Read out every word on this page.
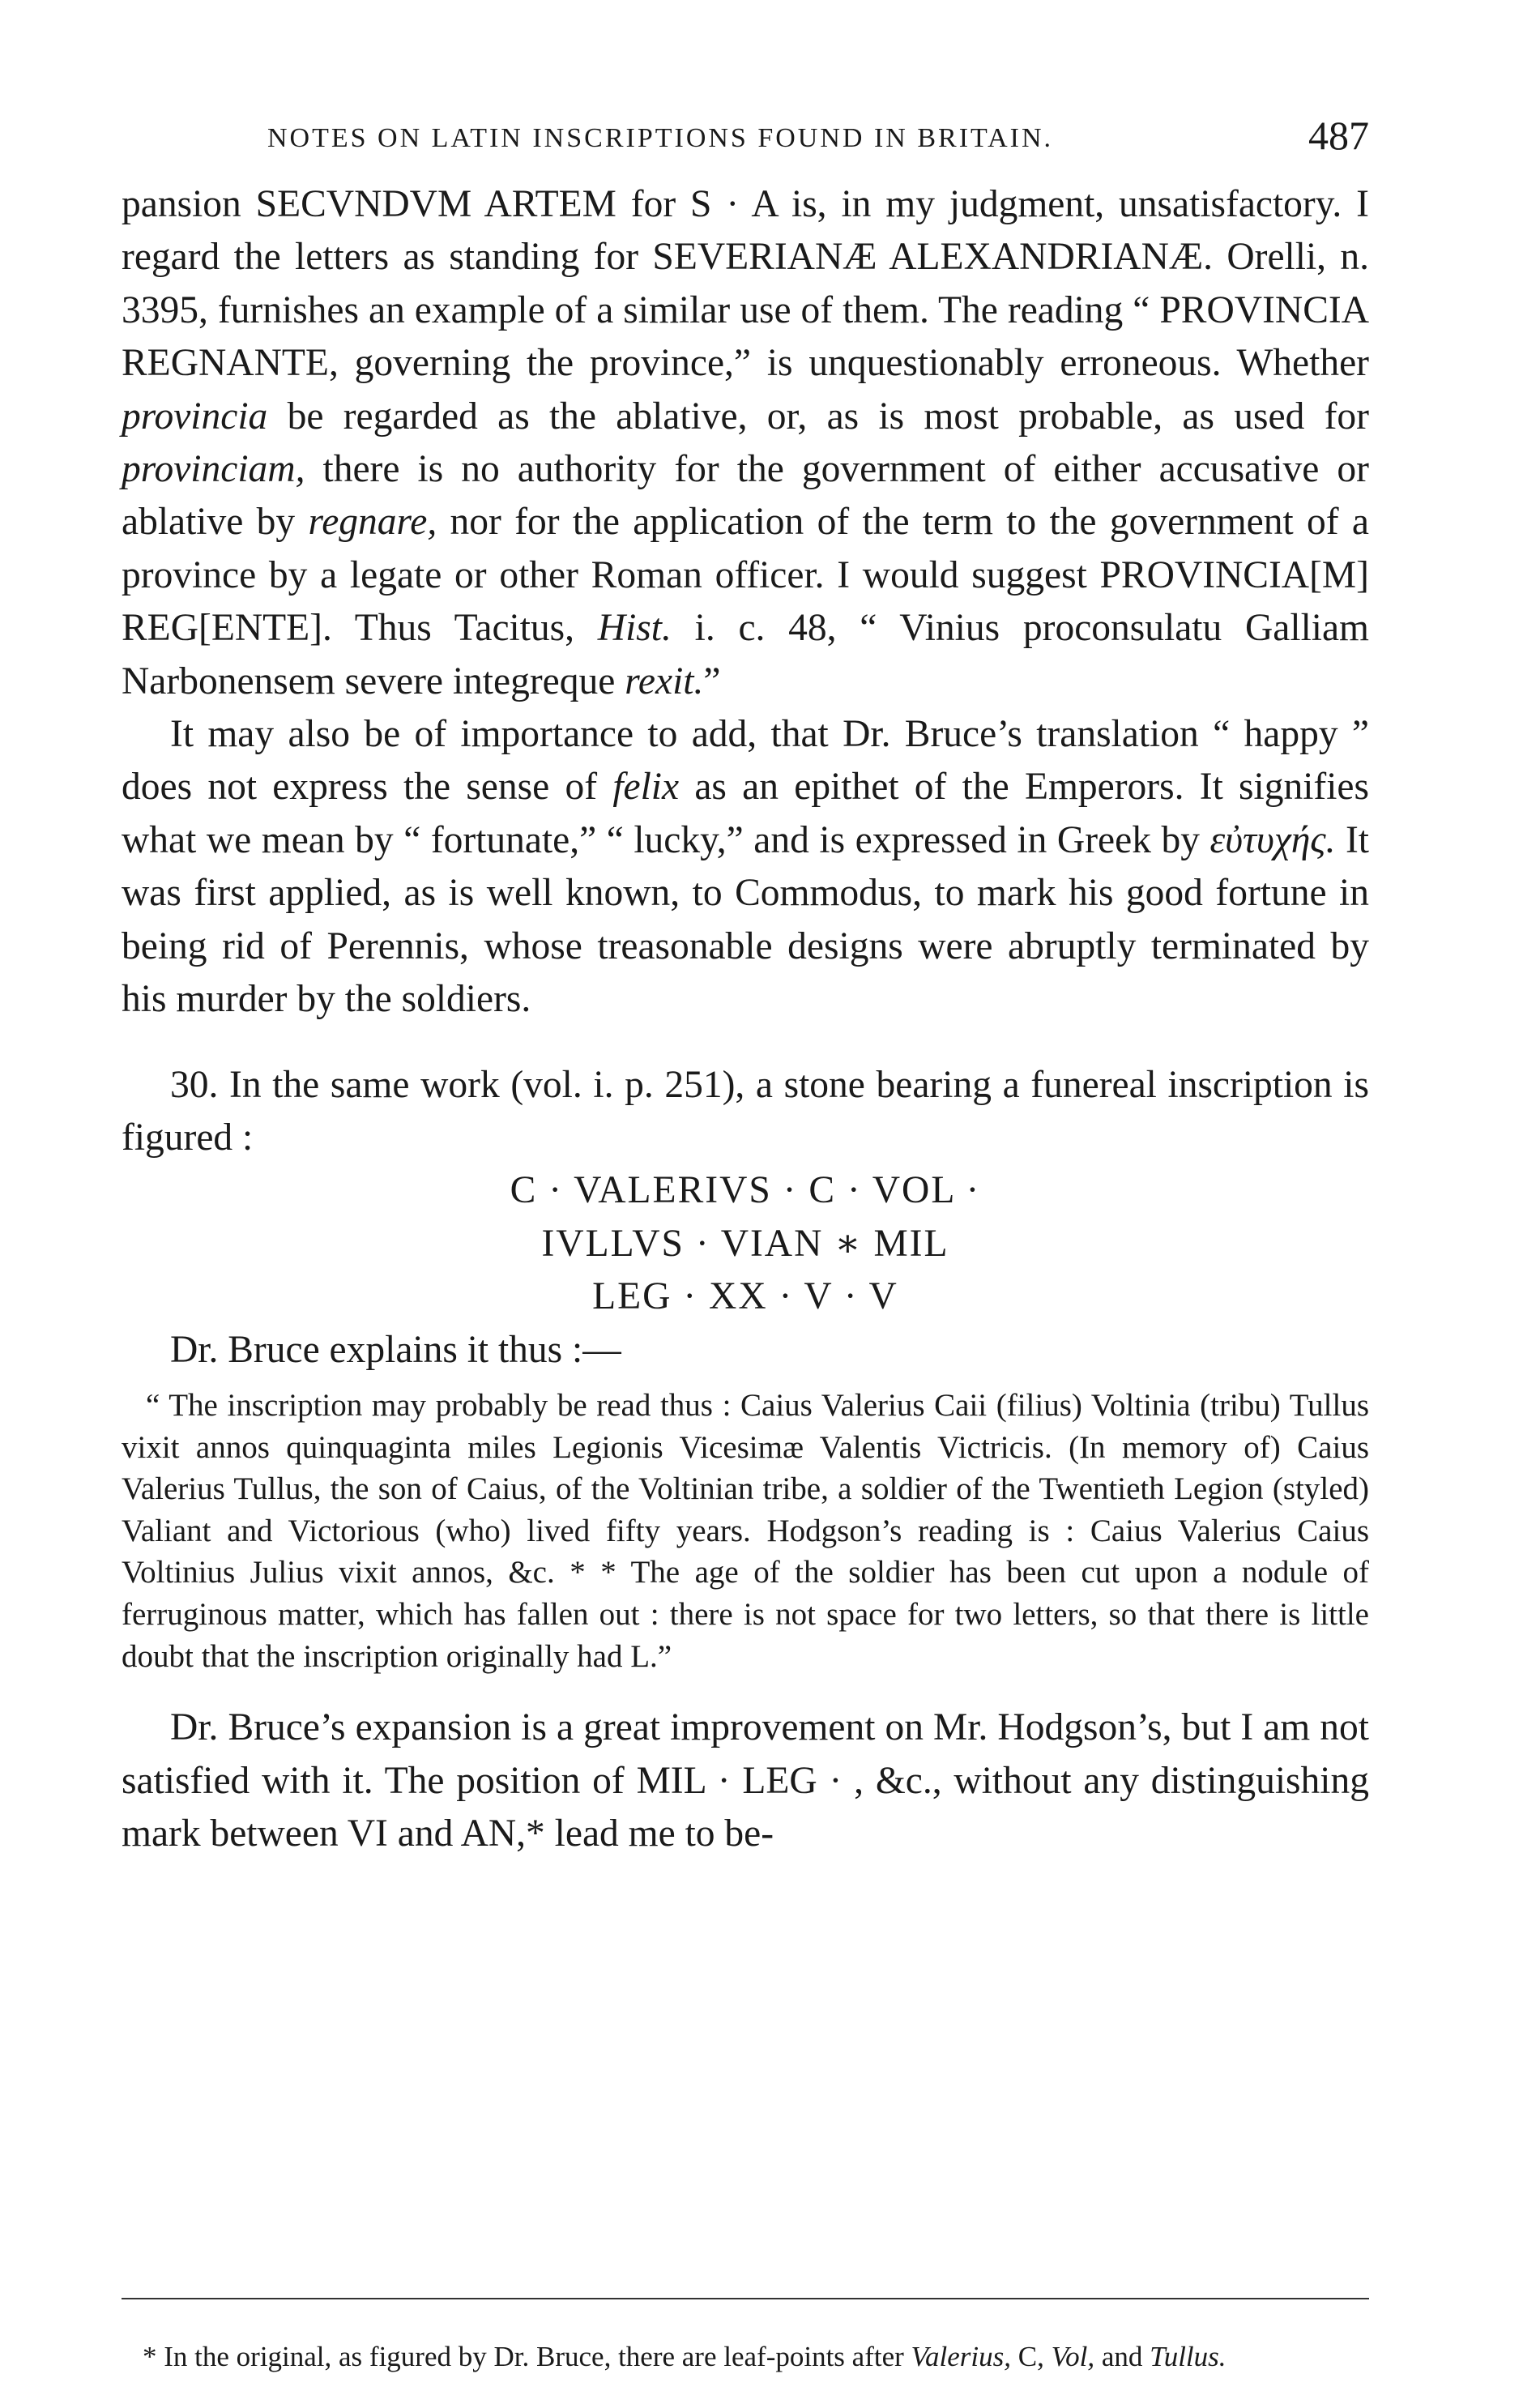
NOTES ON LATIN INSCRIPTIONS FOUND IN BRITAIN.	487

pansion SECVNDVM ARTEM for S · A is, in my judgment, unsatisfactory. I regard the letters as standing for SEVERIANÆ ALEXANDRIANÆ. Orelli, n. 3395, furnishes an example of a similar use of them. The reading “ PROVINCIA REGNANTE, governing the province,” is unquestionably erroneous. Whether provincia be regarded as the ablative, or, as is most probable, as used for provinciam, there is no authority for the government of either accusative or ablative by regnare, nor for the application of the term to the government of a province by a legate or other Roman officer. I would suggest PROVINCIA[M] REG[ENTE]. Thus Tacitus, Hist. i. c. 48, “ Vinius proconsulatu Galliam Narbonensem severe integreque rexit.”

It may also be of importance to add, that Dr. Bruce’s translation “ happy ” does not express the sense of felix as an epithet of the Emperors. It signifies what we mean by “ fortunate,” “ lucky,” and is expressed in Greek by εὐτυχής. It was first applied, as is well known, to Commodus, to mark his good fortune in being rid of Perennis, whose treasonable designs were abruptly terminated by his murder by the soldiers.

30. In the same work (vol. i. p. 251), a stone bearing a funereal inscription is figured :

C · VALERIVS · C · VOL ·

IVLLVS · VIAN ∗ MIL

LEG · XX · V · V

Dr. Bruce explains it thus :—

“ The inscription may probably be read thus : Caius Valerius Caii (filius) Voltinia (tribu) Tullus vixit annos quinquaginta miles Legionis Vicesimæ Valentis Victricis. (In memory of) Caius Valerius Tullus, the son of Caius, of the Voltinian tribe, a soldier of the Twentieth Legion (styled) Valiant and Victorious (who) lived fifty years. Hodgson’s reading is : Caius Valerius Caius Voltinius Julius vixit annos, &c. * * The age of the soldier has been cut upon a nodule of ferruginous matter, which has fallen out : there is not space for two letters, so that there is little doubt that the inscription originally had L.”

Dr. Bruce’s expansion is a great improvement on Mr. Hodgson’s, but I am not satisfied with it. The position of MIL · LEG · , &c., without any distinguishing mark between VI and AN,* lead me to be-

* In the original, as figured by Dr. Bruce, there are leaf-points after Valerius, C, Vol, and Tullus.
